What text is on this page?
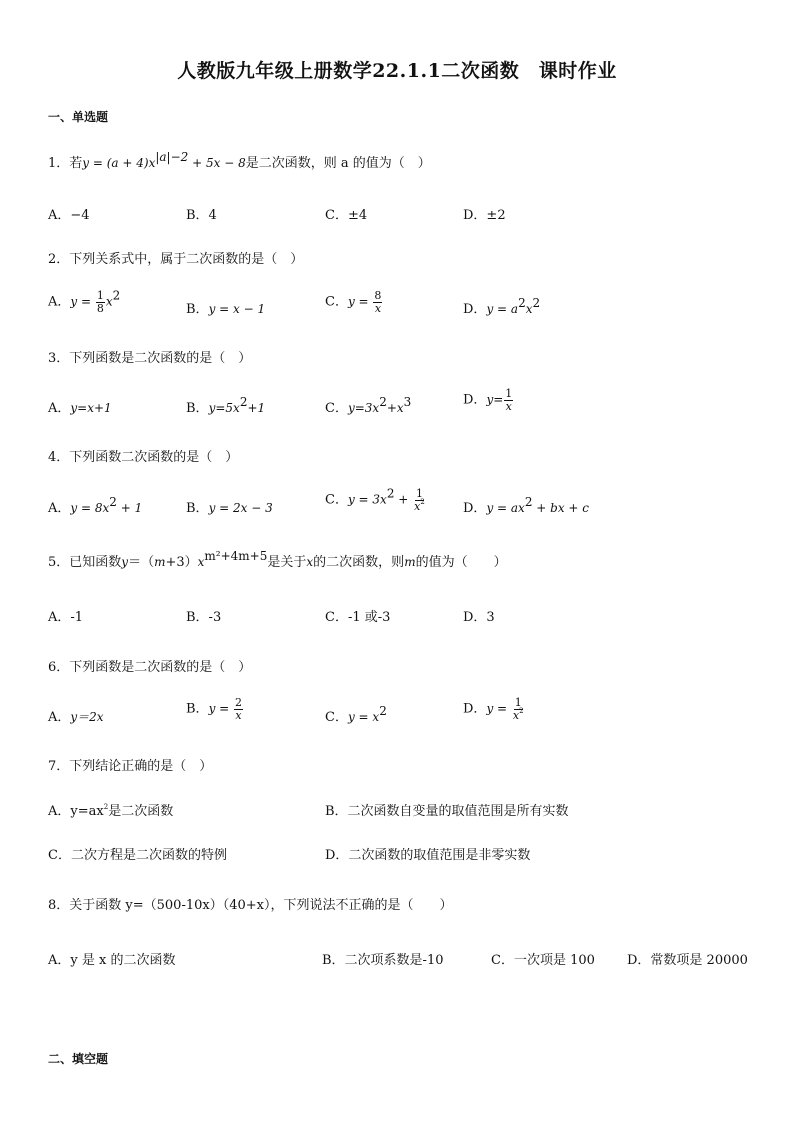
人教版九年级上册数学22.1.1二次函数　课时作业
一、单选题
1．若$y = (a + 4)x^{|a|-2} + 5x - 8$是二次函数，则 a 的值为（　）
A．−4	B．4	C．±4	D．±2
2．下列关系式中，属于二次函数的是（　）
A．$y = \frac{1}{8} x^2$
B．y = x − 1	C．$y = \frac{8}{x}$	D．$y = a^2x^2$
3．下列函数是二次函数的是（　）
A．y=x+1	B．$y=5x^2+1$	C．$y=3x^2+x^3$	D．$y= \frac{1}{x}$
4．下列函数二次函数的是（　）
A．$y = 8x^2 + 1$	B．y = 2x − 3
C．$y = 3x^2 + \frac{1}{x^2}$	D．$y = ax^2$ + bx + c
5．已知函数$y=(m+3)x^{m^2+4m+5}$是关于x的二次函数，则m的值为（　　）
A．-1	B．-3	C．-1 或-3	D．3
6．下列函数是二次函数的是（　）
A．y＝2x
B．$y = \frac{2}{x}$	C．$y = x^2$	D．$y = \frac{1}{x^2}$
7．下列结论正确的是（　）
A．$y=ax^2$是二次函数	B．二次函数自变量的取值范围是所有实数
C．二次方程是二次函数的特例	D．二次函数的取值范围是非零实数
8．关于函数 y=（500-10x）（40+x），下列说法不正确的是（　　）
A．y 是 x 的二次函数	B．二次项系数是-10	C．一次项是 100 D．常数项是 20000
二、填空题
